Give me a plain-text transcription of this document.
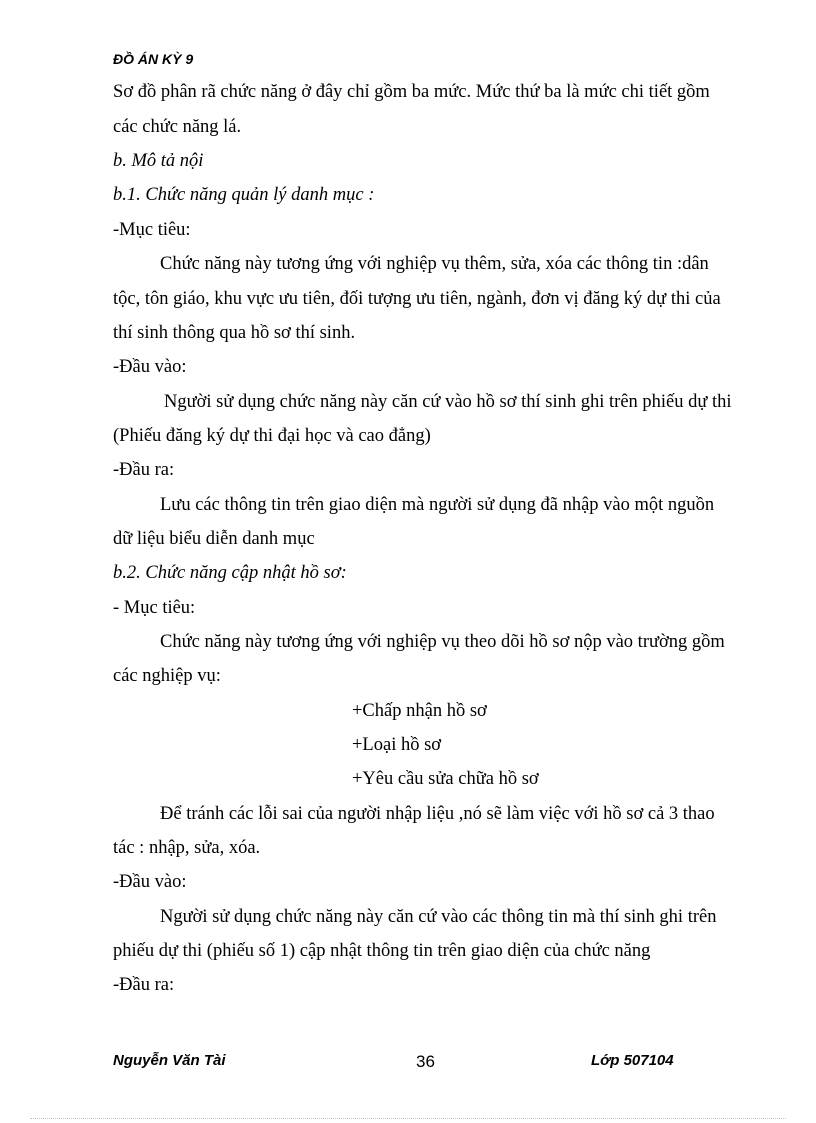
ĐỒ ÁN KỲ 9
Sơ đồ phân rã chức năng ở đây chỉ gồm ba mức. Mức thứ ba là mức chi tiết gồm
các chức năng lá.
b. Mô tả nội
b.1. Chức năng quản lý danh mục :
-Mục tiêu:
Chức năng này tương ứng với nghiệp vụ thêm, sửa, xóa các thông tin :dân
tộc, tôn giáo, khu vực ưu tiên, đối tượng ưu tiên, ngành, đơn vị đăng ký dự thi của
thí sinh thông qua hồ sơ thí sinh.
-Đầu vào:
Người sử dụng chức năng này căn cứ vào hồ sơ thí sinh ghi trên phiếu dự thi
(Phiếu đăng ký dự thi đại học và cao đẳng)
-Đầu ra:
Lưu các thông tin trên giao diện mà người sử dụng đã nhập vào một nguồn
dữ liệu biểu diễn danh mục
b.2. Chức năng cập nhật hồ sơ:
- Mục tiêu:
Chức năng này tương ứng với nghiệp vụ theo dõi hồ sơ nộp vào trường gồm
các nghiệp vụ:
+Chấp nhận hồ sơ
+Loại hồ sơ
+Yêu cầu sửa chữa hồ sơ
Để tránh các lỗi sai của người nhập liệu ,nó sẽ làm việc với hồ sơ cả 3 thao
tác : nhập, sửa, xóa.
-Đầu vào:
Người sử dụng chức năng này căn cứ vào các thông tin mà thí sinh ghi trên
phiếu dự thi (phiếu số 1) cập nhật thông tin trên giao diện của chức năng
-Đầu ra:
Nguyễn Văn Tài	36	Lớp 507104
